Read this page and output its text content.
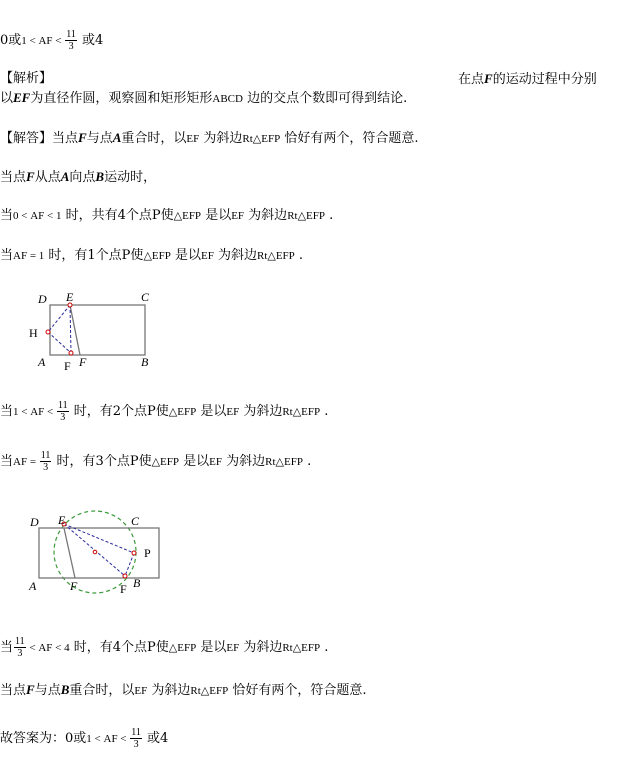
0或1 < AF < $\frac{11}{3}$ 或4
【解析】	在点F的运动过程中分别
以EF为直径作圆，观察圆和矩形矩形ABCD 边的交点个数即可得到结论.
【解答】当点F与点A重合时，以EF 为斜边Rt△EFP 恰好有两个，符合题意.
当点F从点A向点B运动时，
当0 < AF < 1 时，共有4个点P使△EFP 是以EF 为斜边Rt△EFP .
当AF = 1 时，有1个点P使△EFP 是以EF 为斜边Rt△EFP .
D E	C
H
A F F	B
当1 < AF < $\frac{11}{3}$ 时，有2个点P使△EFP 是以EF 为斜边Rt△EFP .
当AF = $\frac{11}{3}$ 时，有3个点P使△EFP 是以EF 为斜边Rt△EFP .
D E	C
P
A	F	F B
当 $\frac{11}{3}$ < AF < 4 时，有4个点P使△EFP 是以EF 为斜边Rt△EFP .
当点F与点B重合时，以EF 为斜边Rt△EFP 恰好有两个，符合题意.
故答案为：0或1 < AF < $\frac{11}{3}$ 或4
